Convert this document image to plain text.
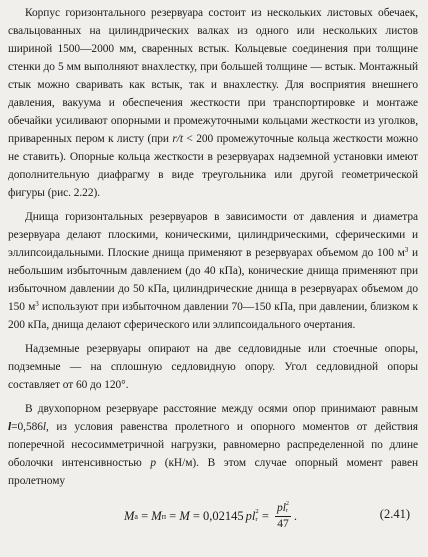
Корпус горизонтального резервуара состоит из нескольких листовых обечаек, свальцованных на цилиндрических валках из одного или нескольких листов шириной 1500—2000 мм, сваренных встык. Кольцевые соединения при толщине стенки до 5 мм выполняют внахлестку, при большей толщине — встык. Монтажный стык можно сваривать как встык, так и внахлестку. Для восприятия внешнего давления, вакуума и обеспечения жесткости при транспортировке и монтаже обечайки усиливают опорными и промежуточными кольцами жесткости из уголков, приваренных пером к листу (при r/t < 200 промежуточные кольца жесткости можно не ставить). Опорные кольца жесткости в резервуарах надземной установки имеют дополнительную диафрагму в виде треугольника или другой геометрической фигуры (рис. 2.22).

Днища горизонтальных резервуаров в зависимости от давления и диаметра резервуара делают плоскими, коническими, цилиндрическими, сферическими и эллипсоидальными. Плоские днища применяют в резервуарах объемом до 100 $м^3$ и небольшим избыточным давлением (до 40 кПа), конические днища применяют при избыточном давлении до 50 кПа, цилиндрические днища в резервуарах объемом до 150 $м^3$ используют при избыточном давлении 70—150 кПа, при давлении, близком к 200 кПа, днища делают сферического или эллипсоидального очертания.

Надземные резервуары опирают на две седловидные или стоечные опоры, подземные — на сплошную седловидную опору. Угол седловидной опоры составляет от 60 до 120°.

В двухопорном резервуаре расстояние между осями опор принимают равным l=0,586l, из условия равенства пролетного и опорного моментов от действия поперечной несосимметричной нагрузки, равномерно распределенной по длине оболочки интенсивностью p (кН/м). В этом случае опорный момент равен пролетному

M a = M п = M = 0,02145 p l 2
r = pl 2
r
47 .	(2.41)
